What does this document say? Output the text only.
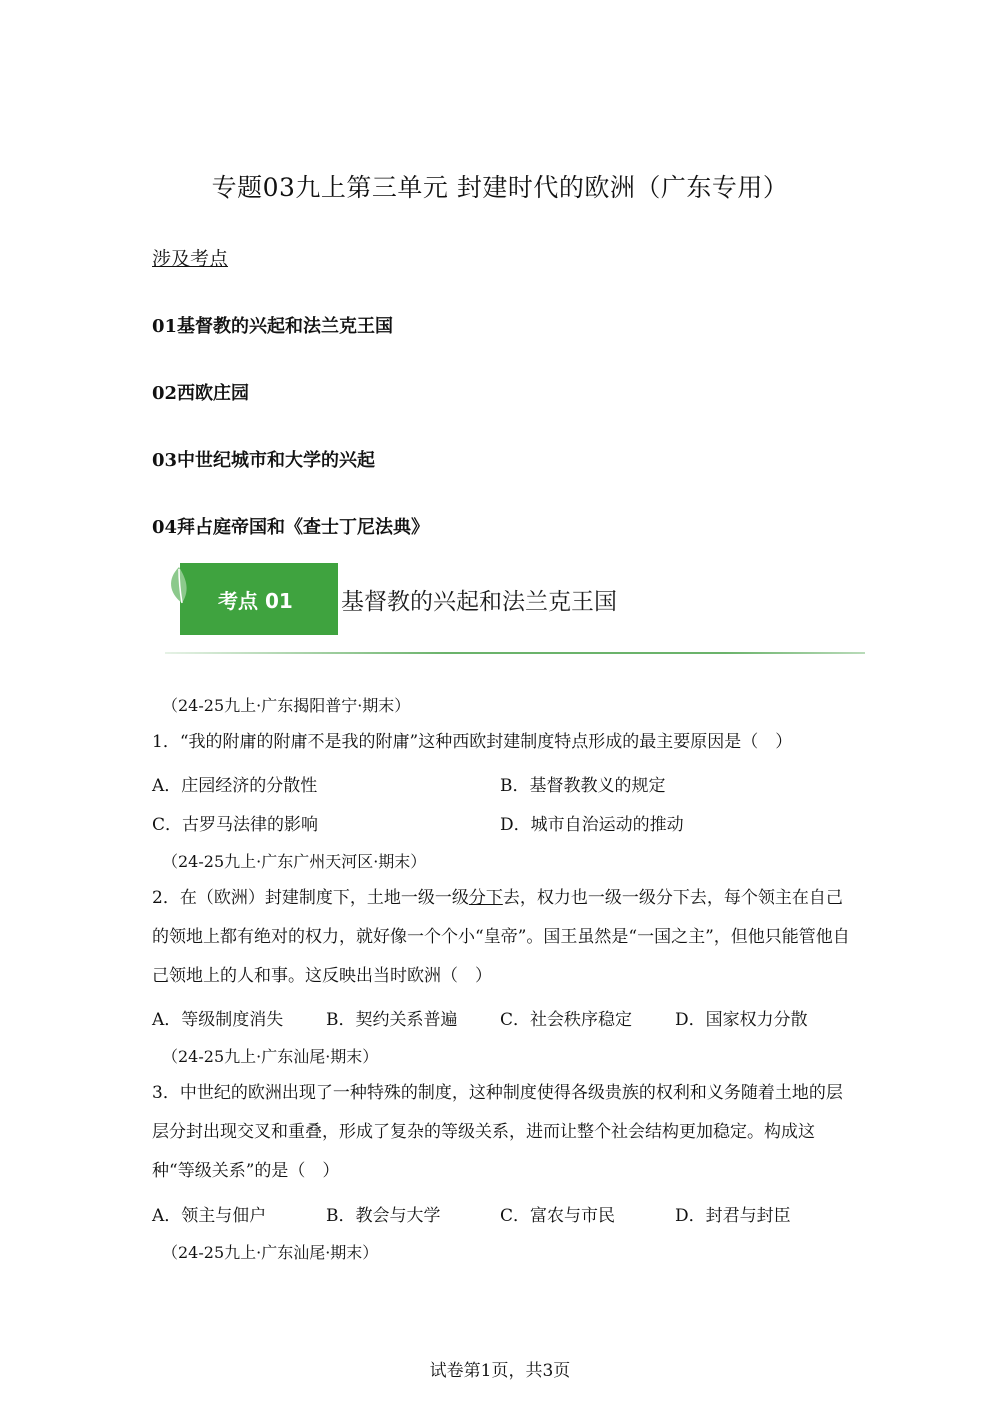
专题03九上第三单元 封建时代的欧洲（广东专用）
涉及考点
01基督教的兴起和法兰克王国
02西欧庄园
03中世纪城市和大学的兴起
04拜占庭帝国和《查士丁尼法典》
考点 01 基督教的兴起和法兰克王国
（24-25九上·广东揭阳普宁·期末）
1．“我的附庸的附庸不是我的附庸”这种西欧封建制度特点形成的最主要原因是（　）
A．庄园经济的分散性	B．基督教教义的规定
C．古罗马法律的影响	D．城市自治运动的推动
（24-25九上·广东广州天河区·期末）
2．在（欧洲）封建制度下，土地一级一级分下去，权力也一级一级分下去，每个领主在自己的领地上都有绝对的权力，就好像一个个小“皇帝”。国王虽然是“一国之主”，但他只能管他自己领地上的人和事。这反映出当时欧洲（　）
A．等级制度消失	B．契约关系普遍	C．社会秩序稳定	D．国家权力分散
（24-25九上·广东汕尾·期末）
3．中世纪的欧洲出现了一种特殊的制度，这种制度使得各级贵族的权利和义务随着土地的层层分封出现交叉和重叠，形成了复杂的等级关系，进而让整个社会结构更加稳定。构成这种“等级关系”的是（　）
A．领主与佃户	B．教会与大学	C．富农与市民	D．封君与封臣
（24-25九上·广东汕尾·期末）
试卷第1页，共3页
